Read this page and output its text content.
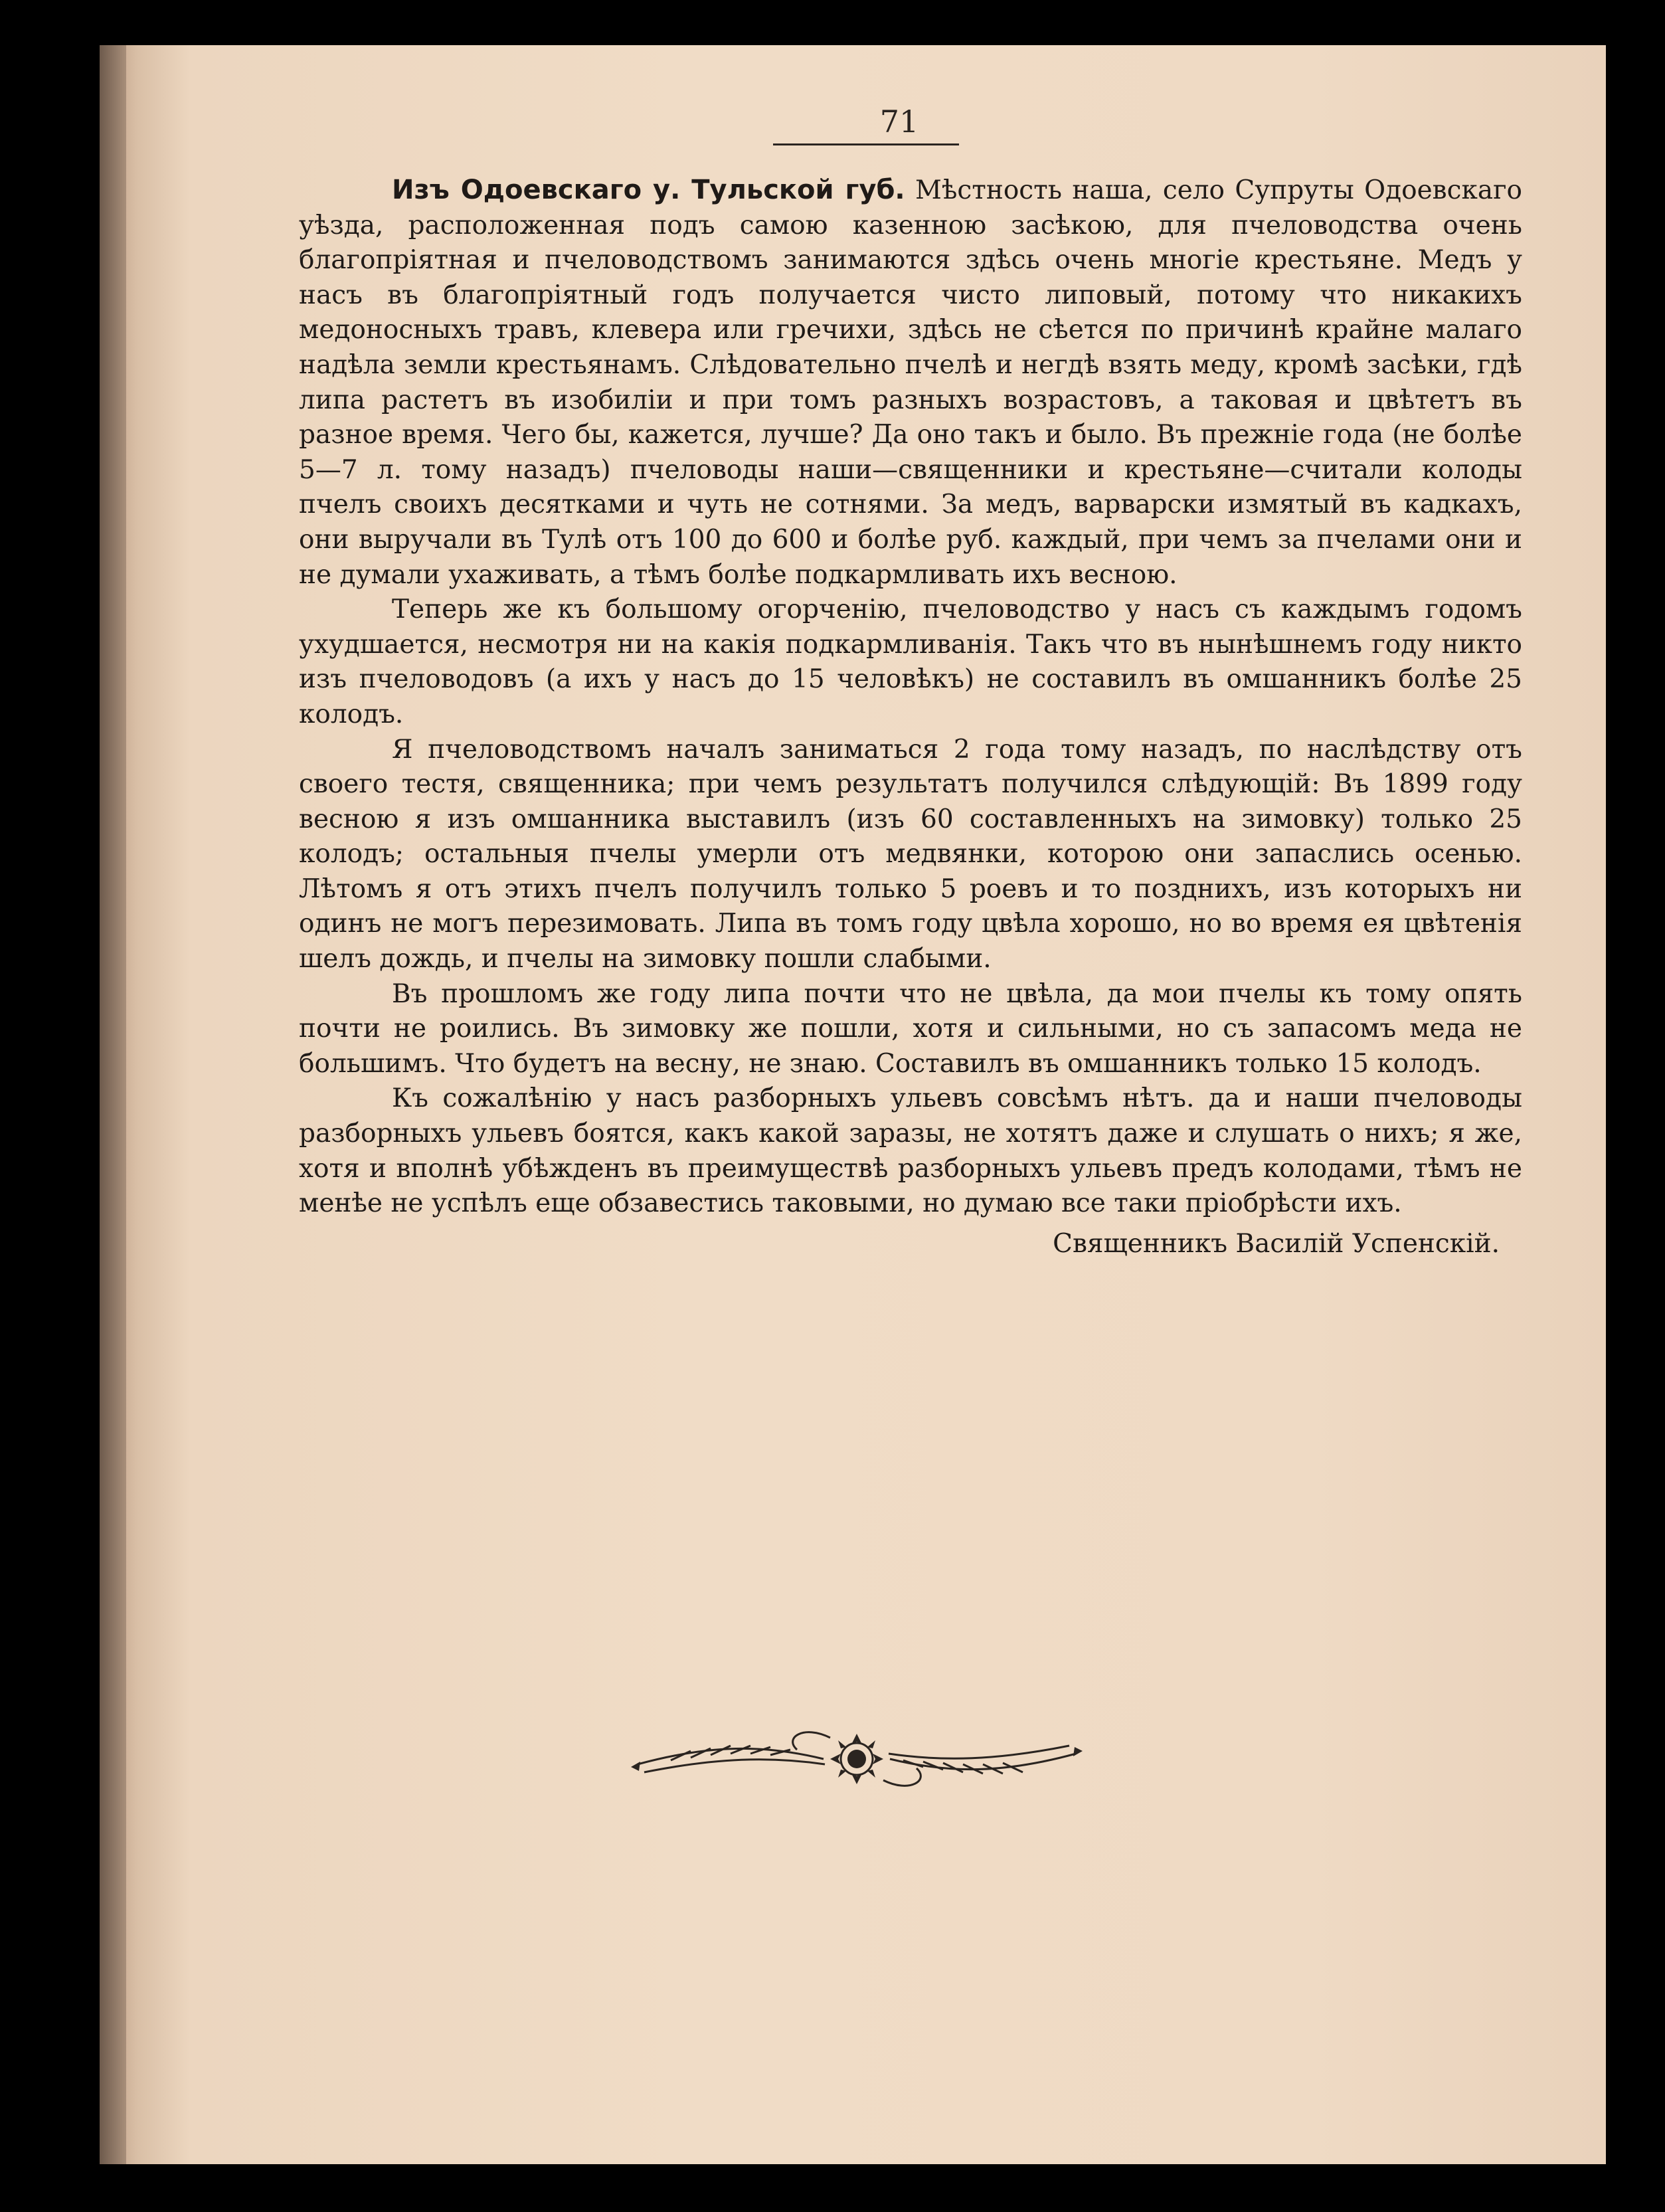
71

Изъ Одоевскаго у. Тульской губ. Мѣстность наша, село Супруты Одоевскаго уѣзда, расположенная подъ самою казенною засѣкою, для пчеловодства очень благопріятная и пчеловодствомъ занимаются здѣсь очень многіе крестьяне. Медъ у насъ въ благопріятный годъ получается чисто липовый, потому что никакихъ медоносныхъ травъ, клевера или гречихи, здѣсь не сѣется по причинѣ крайне малаго надѣла земли крестьянамъ. Слѣдовательно пчелѣ и негдѣ взять меду, кромѣ засѣки, гдѣ липа растетъ въ изобиліи и при томъ разныхъ возрастовъ, а таковая и цвѣтетъ въ разное время. Чего бы, кажется, лучше? Да оно такъ и было. Въ прежніе года (не болѣе 5—7 л. тому назадъ) пчеловоды наши—священники и крестьяне—считали колоды пчелъ своихъ десятками и чуть не сотнями. За медъ, варварски измятый въ кадкахъ, они выручали въ Тулѣ отъ 100 до 600 и болѣе руб. каждый, при чемъ за пчелами они и не думали ухаживать, а тѣмъ болѣе подкармливать ихъ весною.

Теперь же къ большому огорченію, пчеловодство у насъ съ каждымъ годомъ ухудшается, несмотря ни на какія подкармливанія. Такъ что въ нынѣшнемъ году никто изъ пчеловодовъ (а ихъ у насъ до 15 человѣкъ) не составилъ въ омшанникъ болѣе 25 колодъ.

Я пчеловодствомъ началъ заниматься 2 года тому назадъ, по наслѣдству отъ своего тестя, священника; при чемъ результатъ получился слѣдующій: Въ 1899 году весною я изъ омшанника выставилъ (изъ 60 составленныхъ на зимовку) только 25 колодъ; остальныя пчелы умерли отъ медвянки, которою они запаслись осенью. Лѣтомъ я отъ этихъ пчелъ получилъ только 5 роевъ и то позднихъ, изъ которыхъ ни одинъ не могъ перезимовать. Липа въ томъ году цвѣла хорошо, но во время ея цвѣтенія шелъ дождь, и пчелы на зимовку пошли слабыми.

Въ прошломъ же году липа почти что не цвѣла, да мои пчелы къ тому опять почти не роились. Въ зимовку же пошли, хотя и сильными, но съ запасомъ меда не большимъ. Что будетъ на весну, не знаю. Составилъ въ омшанникъ только 15 колодъ.

Къ сожалѣнію у насъ разборныхъ ульевъ совсѣмъ нѣтъ. да и наши пчеловоды разборныхъ ульевъ боятся, какъ какой заразы, не хотятъ даже и слушать о нихъ; я же, хотя и вполнѣ убѣжденъ въ преимуществѣ разборныхъ ульевъ предъ колодами, тѣмъ не менѣе не успѣлъ еще обзавестись таковыми, но думаю все таки пріобрѣсти ихъ.

Священникъ Василій Успенскій.
